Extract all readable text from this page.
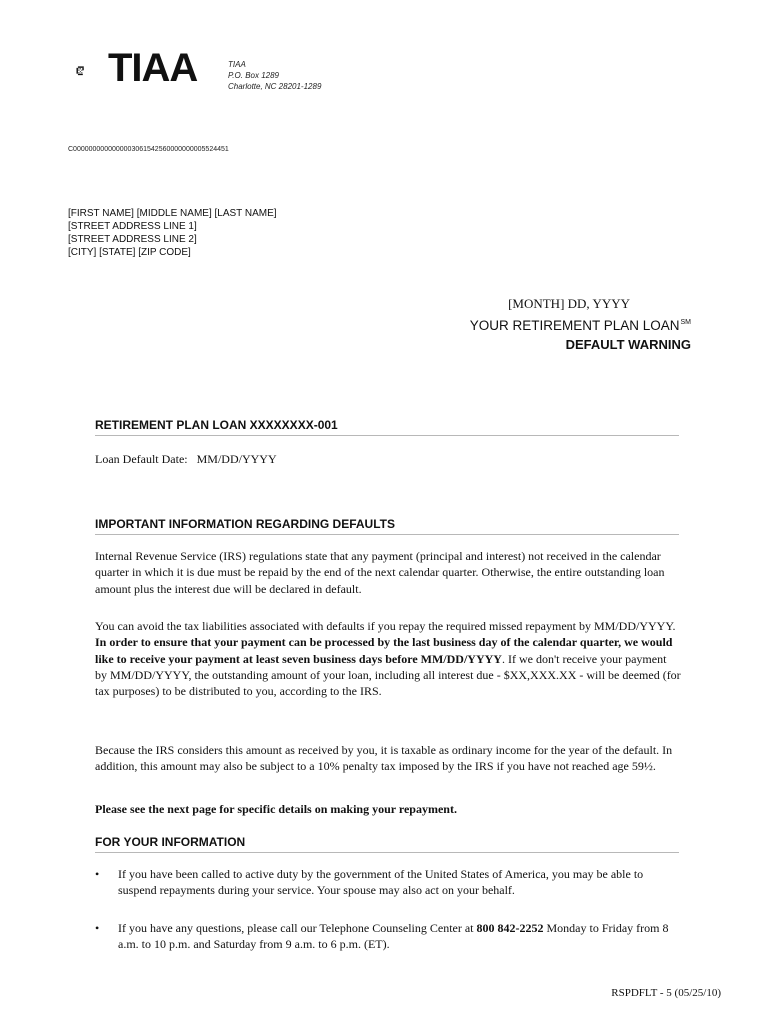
TIAA	TIAA
P.O. Box 1289
Charlotte, NC 28201-1289
C0000000000000003061542560000000005524451
[FIRST NAME] [MIDDLE NAME] [LAST NAME]
[STREET ADDRESS LINE 1]
[STREET ADDRESS LINE 2]
[CITY] [STATE] [ZIP CODE]
[MONTH] DD, YYYY
YOUR RETIREMENT PLAN LOAN℠
DEFAULT WARNING
RETIREMENT PLAN LOAN XXXXXXXX-001
Loan Default Date: MM/DD/YYYY
IMPORTANT INFORMATION REGARDING DEFAULTS
Internal Revenue Service (IRS) regulations state that any payment (principal and interest) not received in the calendar quarter in which it is due must be repaid by the end of the next calendar quarter. Otherwise, the entire outstanding loan amount plus the interest due will be declared in default.
You can avoid the tax liabilities associated with defaults if you repay the required missed repayment by MM/DD/YYYY. In order to ensure that your payment can be processed by the last business day of the calendar quarter, we would like to receive your payment at least seven business days before MM/DD/YYYY. If we don't receive your payment by MM/DD/YYYY, the outstanding amount of your loan, including all interest due - $XX,XXX.XX - will be deemed (for tax purposes) to be distributed to you, according to the IRS.
Because the IRS considers this amount as received by you, it is taxable as ordinary income for the year of the default. In addition, this amount may also be subject to a 10% penalty tax imposed by the IRS if you have not reached age 59½.
Please see the next page for specific details on making your repayment.
FOR YOUR INFORMATION
• If you have been called to active duty by the government of the United States of America, you may be able to suspend repayments during your service. Your spouse may also act on your behalf.
• If you have any questions, please call our Telephone Counseling Center at 800 842-2252 Monday to Friday from 8 a.m. to 10 p.m. and Saturday from 9 a.m. to 6 p.m. (ET).
RSPDFLT - 5 (05/25/10)
